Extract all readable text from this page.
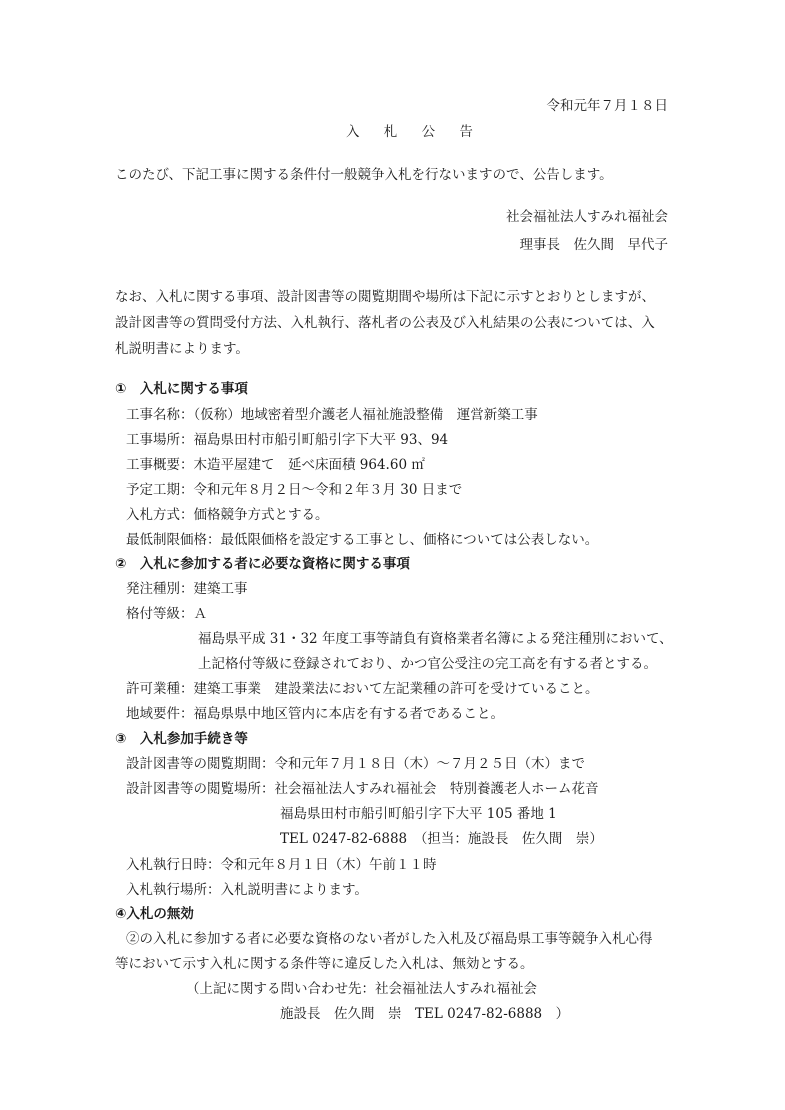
令和元年７月１８日
入 札 公 告
このたび、下記工事に関する条件付一般競争入札を行ないますので、公告します。
社会福祉法人すみれ福祉会
理事長　佐久間　早代子
なお、入札に関する事項、設計図書等の閲覧期間や場所は下記に示すとおりとしますが、
設計図書等の質問受付方法、入札執行、落札者の公表及び入札結果の公表については、入
札説明書によります。
①　入札に関する事項
工事名称：（仮称）地域密着型介護老人福祉施設整備　運営新築工事
工事場所：福島県田村市船引町船引字下大平 93、94
工事概要：木造平屋建て　延べ床面積 964.60 ㎡
予定工期：令和元年８月２日～令和２年３月 30 日まで
入札方式：価格競争方式とする。
最低制限価格：最低限価格を設定する工事とし、価格については公表しない。
②　入札に参加する者に必要な資格に関する事項
発注種別：建築工事
格付等級：Ａ
福島県平成 31・32 年度工事等請負有資格業者名簿による発注種別において、
上記格付等級に登録されており、かつ官公受注の完工高を有する者とする。
許可業種：建築工事業　建設業法において左記業種の許可を受けていること。
地域要件：福島県県中地区管内に本店を有する者であること。
③　入札参加手続き等
設計図書等の閲覧期間：令和元年７月１８日（木）～７月２５日（木）まで
設計図書等の閲覧場所：社会福祉法人すみれ福祉会　特別養護老人ホーム花音
福島県田村市船引町船引字下大平 105 番地 1
TEL 0247-82-6888　（担当：施設長　佐久間　崇）
入札執行日時：令和元年８月１日（木）午前１１時
入札執行場所：入札説明書によります。
④入札の無効
②の入札に参加する者に必要な資格のない者がした入札及び福島県工事等競争入札心得
等において示す入札に関する条件等に違反した入札は、無効とする。
（上記に関する問い合わせ先：社会福祉法人すみれ福祉会
施設長　佐久間　崇　TEL 0247-82-6888　）
